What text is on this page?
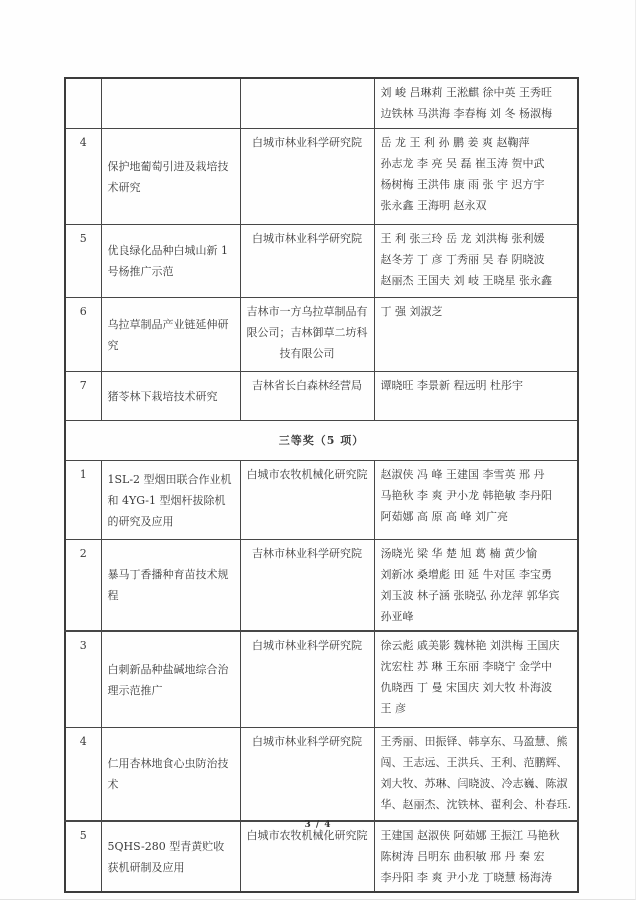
			刘 峻 吕琳莉 王淞麒 徐中英 王秀旺
边铁林 马洪海 李春梅 刘 冬 杨淑梅
4	保护地葡萄引进及栽培技术研究	白城市林业科学研究院	岳 龙 王 利 孙 鹏 姜 爽 赵鞠萍
孙志龙 李 亮 吴 磊 崔玉涛 贺中武
杨树梅 王洪伟 康 雨 张 宇 迟方宇
张永鑫 王海明 赵永双
5	优良绿化品种白城山新 1 号杨推广示范	白城市林业科学研究院	王 利 张三玲 岳 龙 刘洪梅 张利媛
赵冬芳 丁 彦 丁秀丽 吴 春 阴晓波
赵丽杰 王国夫 刘 岐 王晓星 张永鑫
6	乌拉草制品产业链延伸研究	吉林市一方乌拉草制品有限公司；吉林御草二坊科技有限公司	丁 强 刘淑芝
7	猪苓林下栽培技术研究	吉林省长白森林经营局	谭晓旺 李景新 程远明 杜彤宇
三等奖（5 项）			
1	1SL-2 型烟田联合作业机和 4YG-1 型烟杆拔除机的研究及应用	白城市农牧机械化研究院	赵淑侠 冯 峰 王建国 李雪英 邢 丹
马艳秋 李 爽 尹小龙 韩艳敏 李丹阳
阿茹娜 高 原 高 峰 刘广亮
2	暴马丁香播种育苗技术规程	吉林市林业科学研究院	汤晓光 梁 华 楚 旭 葛 楠 黄少愉
刘新冰 桑增彪 田 延 牛对匡 李宝勇
刘玉波 林子涵 张晓弘 孙龙萍 郭华宾
孙亚峰
3	白刺新品种盐碱地综合治理示范推广	白城市林业科学研究院	徐云彪 戚美影 魏林艳 刘洪梅 王国庆
沈宏柱 苏 琳 王东丽 李晓宁 金学中
仇晓西 丁 曼 宋国庆 刘大牧 朴海波
王 彦
4	仁用杏林地食心虫防治技术	白城市林业科学研究院	王秀丽、田振铎、韩享东、马盈慧、熊闯、王志远、王洪兵、王利、范鹏辉、刘大牧、苏琳、闫晓波、冷志巍、陈淑华、赵丽杰、沈铁林、翟利会、朴春珏.
5	5QHS-280 型青黄贮收获机研制及应用	白城市农牧机械化研究院	王建国 赵淑侠 阿茹娜 王振江 马艳秋
陈树涛 吕明东 曲积敏 邢 丹 秦 宏
李丹阳 李 爽 尹小龙 丁晓慧 杨海涛
3 / 4
